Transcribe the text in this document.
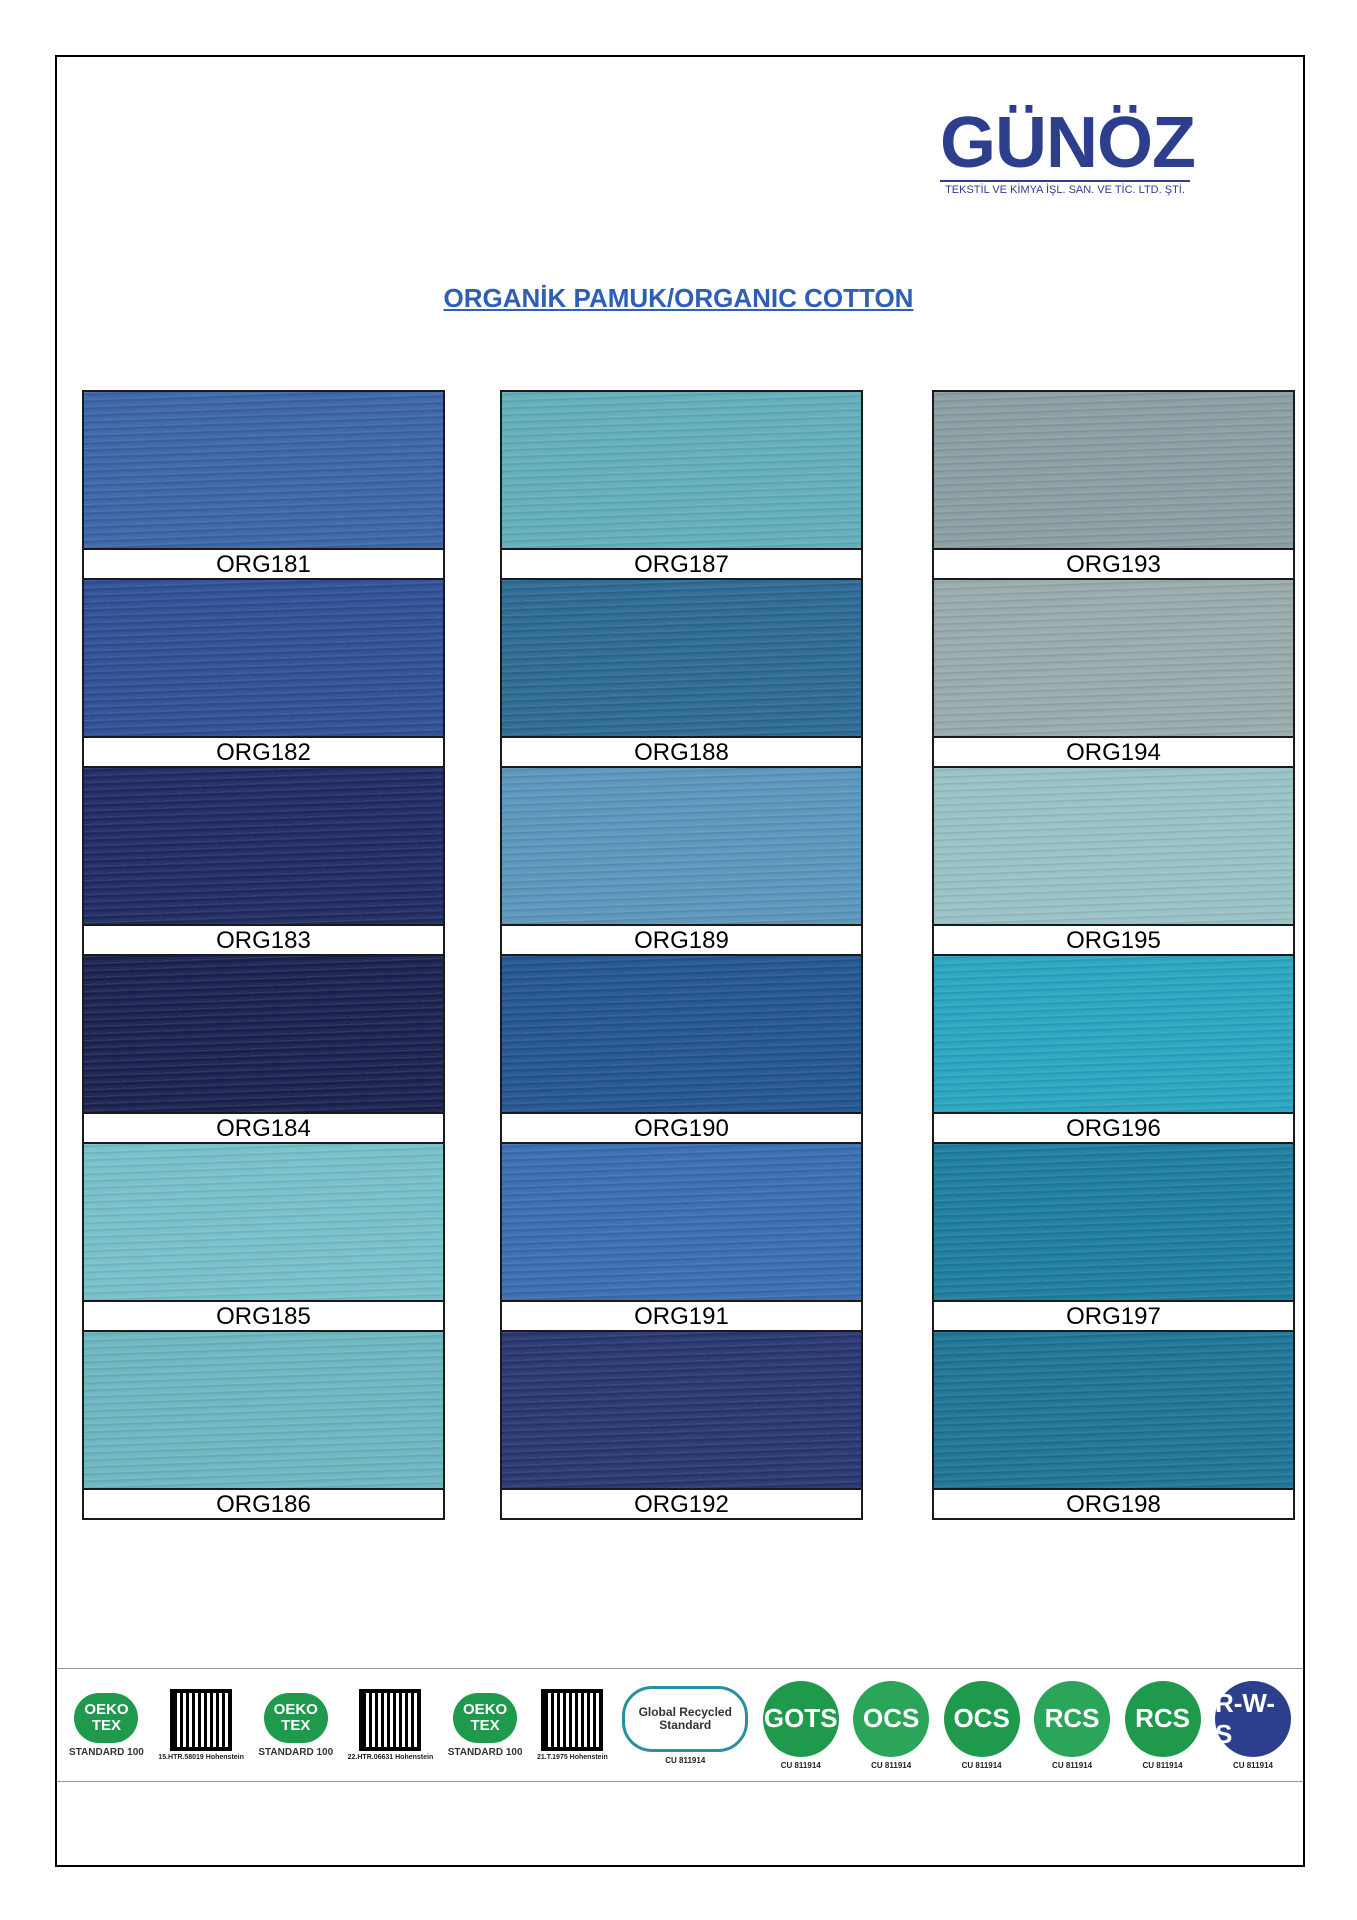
GÜNÖZ
TEKSTİL VE KİMYA İŞL. SAN. VE TİC. LTD. ŞTİ.
ORGANİK PAMUK/ORGANIC COTTON
ORG181
ORG182
ORG183
ORG184
ORG185
ORG186
ORG187
ORG188
ORG189
ORG190
ORG191
ORG192
ORG193
ORG194
ORG195
ORG196
ORG197
ORG198
OEKO TEX
STANDARD 100 15.HTR.58019 Hohenstein
OEKO TEX
STANDARD 100 22.HTR.06631 Hohenstein
OEKO TEX
STANDARD 100 21.T.1975 Hohenstein
Global Recycled Standard
CU 811914
GOTS
CU 811914
OCS
CU 811914
OCS
CU 811914
RCS
CU 811914
RCS
CU 811914
R-W-S
CU 811914
